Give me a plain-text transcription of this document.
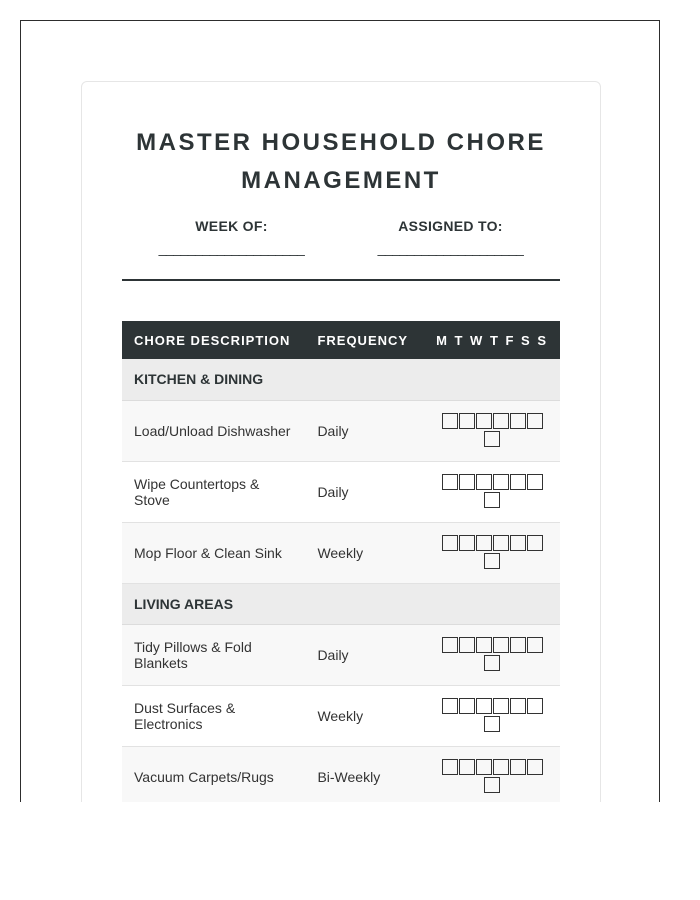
MASTER HOUSEHOLD CHORE MANAGEMENT
WEEK OF:
____________________
ASSIGNED TO:
____________________
CHORE DESCRIPTION	FREQUENCY	M T W T F S S
KITCHEN & DINING		
Load/Unload Dishwasher	Daily	
Wipe Countertops & Stove	Daily	
Mop Floor & Clean Sink	Weekly	
LIVING AREAS		
Tidy Pillows & Fold Blankets	Daily	
Dust Surfaces & Electronics	Weekly	
Vacuum Carpets/Rugs	Bi-Weekly	
